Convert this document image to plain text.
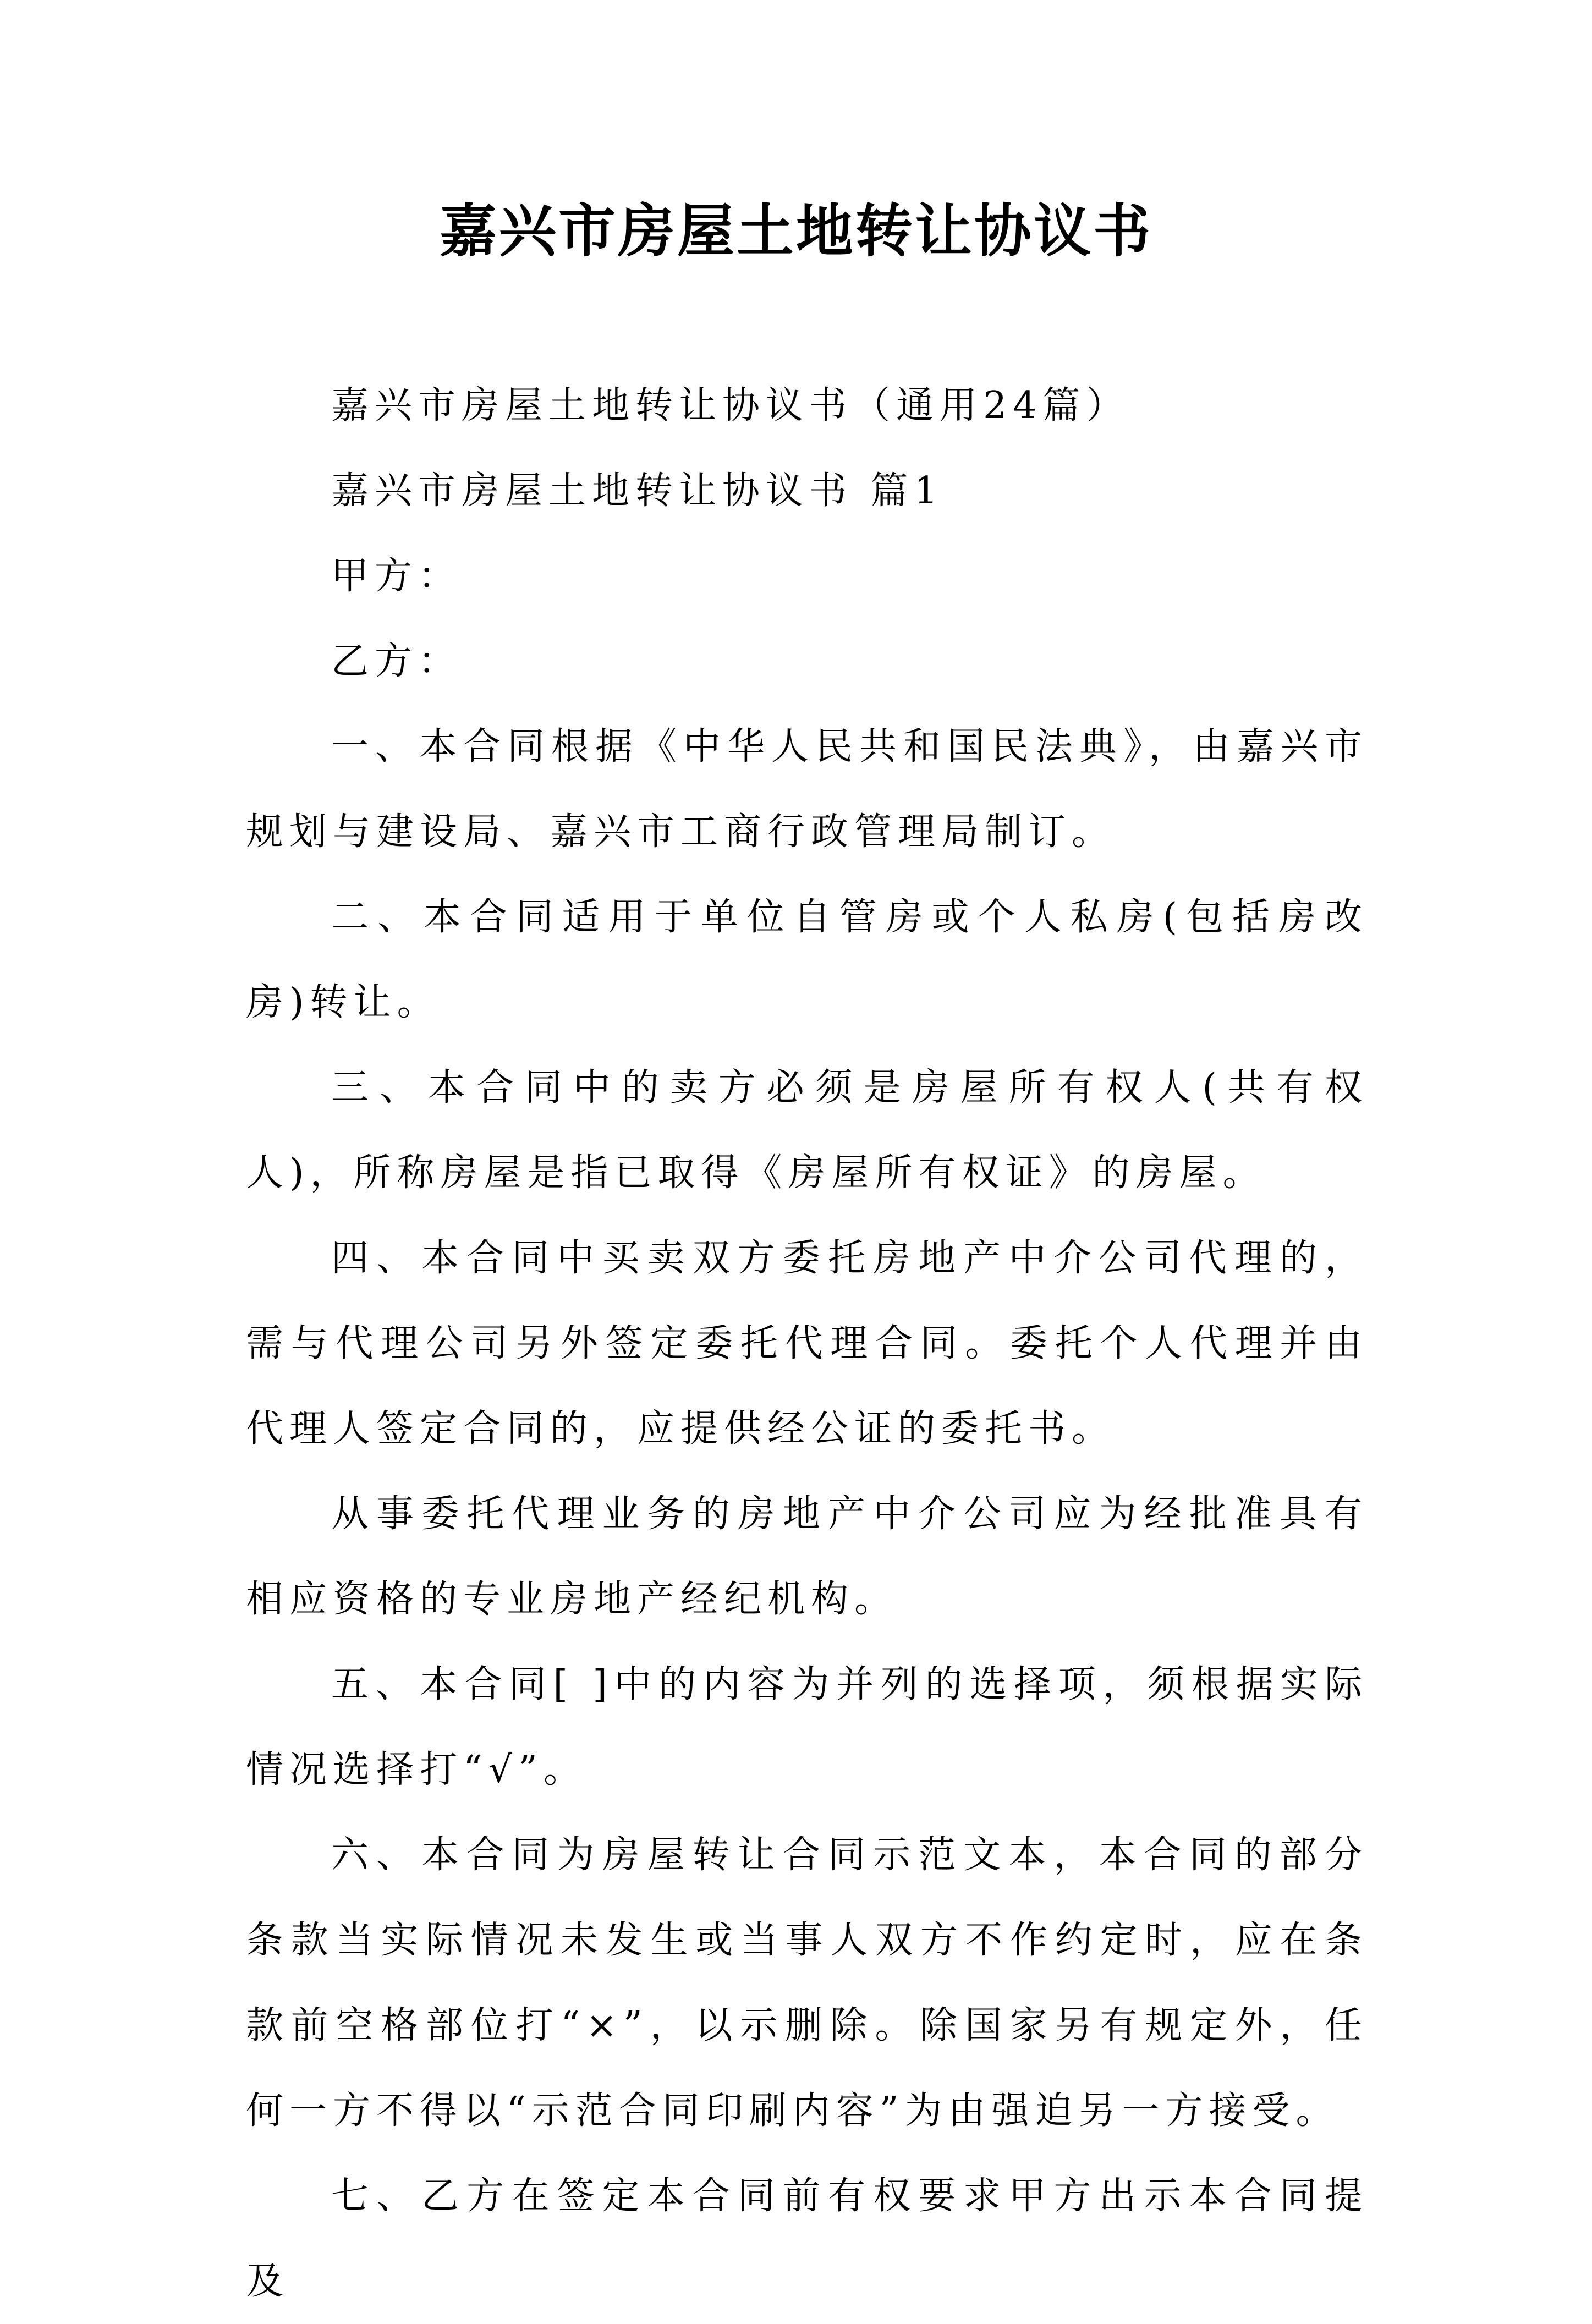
嘉兴市房屋土地转让协议书

嘉兴市房屋土地转让协议书（通用24篇）

嘉兴市房屋土地转让协议书 篇1

甲方：

乙方：

一、本合同根据《中华人民共和国民法典》，由嘉兴市规划与建设局、嘉兴市工商行政管理局制订。

二、本合同适用于单位自管房或个人私房(包括房改房)转让。

三、本合同中的卖方必须是房屋所有权人(共有权人)，所称房屋是指已取得《房屋所有权证》的房屋。

四、本合同中买卖双方委托房地产中介公司代理的，需与代理公司另外签定委托代理合同。委托个人代理并由代理人签定合同的，应提供经公证的委托书。

从事委托代理业务的房地产中介公司应为经批准具有相应资格的专业房地产经纪机构。

五、本合同[ ]中的内容为并列的选择项，须根据实际情况选择打“√”。

六、本合同为房屋转让合同示范文本，本合同的部分条款当实际情况未发生或当事人双方不作约定时，应在条款前空格部位打“×”，以示删除。除国家另有规定外，任何一方不得以“示范合同印刷内容”为由强迫另一方接受。

七、乙方在签定本合同前有权要求甲方出示本合同提及
